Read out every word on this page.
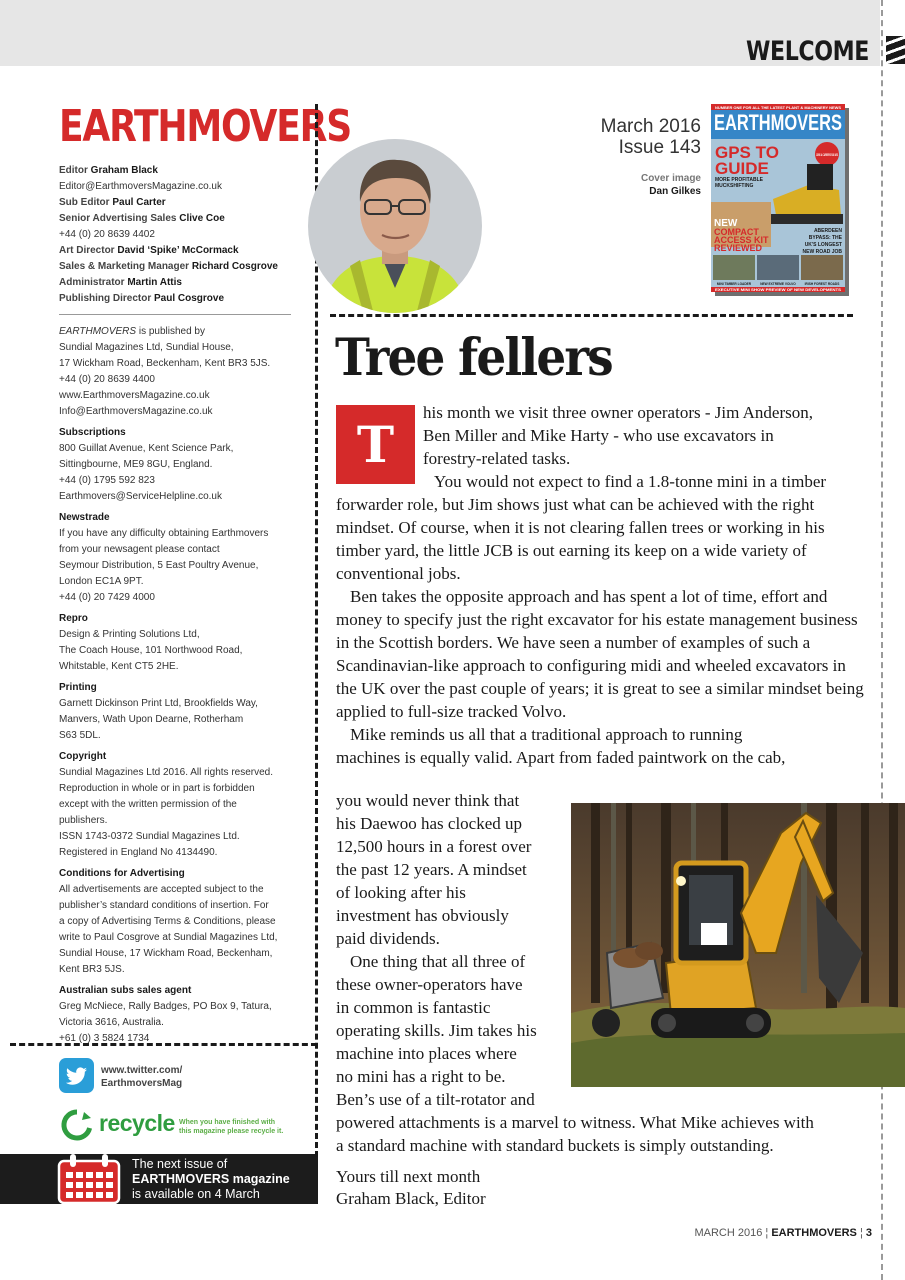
WELCOME
EARTHMOVERS
Editor Graham Black
Editor@EarthmoversMagazine.co.uk
Sub Editor Paul Carter
Senior Advertising Sales Clive Coe
+44 (0) 20 8639 4402
Art Director David ‘Spike’ McCormack
Sales & Marketing Manager Richard Cosgrove
Administrator Martin Attis
Publishing Director Paul Cosgrove
EARTHMOVERS is published by
Sundial Magazines Ltd, Sundial House,
17 Wickham Road, Beckenham, Kent BR3 5JS.
+44 (0) 20 8639 4400
www.EarthmoversMagazine.co.uk
Info@EarthmoversMagazine.co.uk
Subscriptions
800 Guillat Avenue, Kent Science Park,
Sittingbourne, ME9 8GU, England.
+44 (0) 1795 592 823
Earthmovers@ServiceHelpline.co.uk
Newstrade
If you have any difficulty obtaining Earthmovers
from your newsagent please contact
Seymour Distribution, 5 East Poultry Avenue,
London EC1A 9PT.
+44 (0) 20 7429 4000
Repro
Design & Printing Solutions Ltd,
The Coach House, 101 Northwood Road,
Whitstable, Kent CT5 2HE.
Printing
Garnett Dickinson Print Ltd, Brookfields Way,
Manvers, Wath Upon Dearne, Rotherham
S63 5DL.
Copyright
Sundial Magazines Ltd 2016. All rights reserved.
Reproduction in whole or in part is forbidden
except with the written permission of the
publishers.
ISSN 1743-0372 Sundial Magazines Ltd.
Registered in England No 4134490.
Conditions for Advertising
All advertisements are accepted subject to the
publisher’s standard conditions of insertion. For
a copy of Advertising Terms & Conditions, please
write to Paul Cosgrove at Sundial Magazines Ltd,
Sundial House, 17 Wickham Road, Beckenham,
Kent BR3 5JS.
Australian subs sales agent
Greg McNiece, Rally Badges, PO Box 9, Tatura,
Victoria 3616, Australia.
+61 (0) 3 5824 1734
www.twitter.com/
EarthmoversMag
recycle When you have finished with
this magazine please recycle it.
The next issue of
EARTHMOVERS magazine
is available on 4 March
March 2016
Issue 143
Cover image
Dan Gilkes
EARTHMOVERS
NUMBER ONE FOR ALL THE LATEST PLANT & MACHINERY NEWS
GPS TO
GUIDE
MORE PROFITABLE
MUCKSHIFTING
JOBS & CAREERS SOLVED
NEW
COMPACT
ACCESS KIT
REVIEWED
ABERDEEN
BYPASS: THE
UK'S LONGEST
NEW ROAD JOB
MINI TIMBER LOADER	NEW EXTREME VOLVO	IRISH FOREST ROADS
EXECUTIVE MINI SHOW PREVIEW OF NEW DEVELOPMENTS
Tree fellers
T
his month we visit three owner operators - Jim Anderson,
Ben Miller and Mike Harty - who use excavators in
forestry-related tasks.

You would not expect to find a 1.8-tonne mini in a timber forwarder role, but Jim shows just what can be achieved with the right mindset. Of course, when it is not clearing fallen trees or working in his timber yard, the little JCB is out earning its keep on a wide variety of conventional jobs.

Ben takes the opposite approach and has spent a lot of time, effort and money to specify just the right excavator for his estate management business in the Scottish borders. We have seen a number of examples of such a Scandinavian-like approach to configuring midi and wheeled excavators in the UK over the past couple of years; it is great to see a similar mindset being applied to full-size tracked Volvo.

Mike reminds us all that a traditional approach to running

machines is equally valid. Apart from faded paintwork on the cab,

you would never think that
his Daewoo has clocked up
12,500 hours in a forest over
the past 12 years. A mindset
of looking after his
investment has obviously
paid dividends.
One thing that all three of
these owner-operators have
in common is fantastic
operating skills. Jim takes his
machine into places where
no mini has a right to be.
Ben’s use of a tilt-rotator and
powered attachments is a marvel to witness. What Mike achieves with
a standard machine with standard buckets is simply outstanding.
Yours till next month
Graham Black, Editor
MARCH 2016 ¦ EARTHMOVERS ¦ 3
